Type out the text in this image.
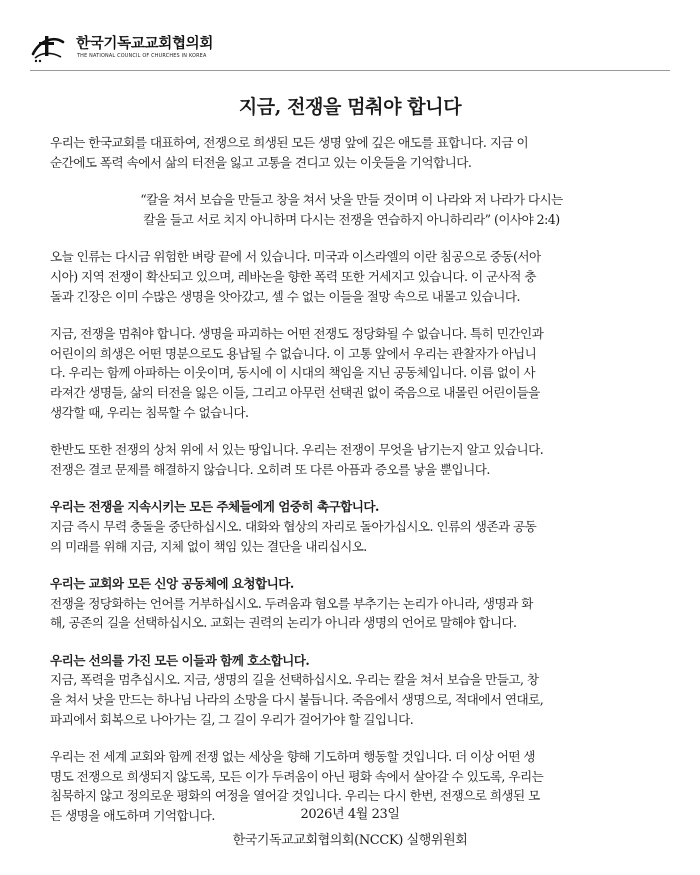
한국기독교교회협의회
THE NATIONAL COUNCIL OF CHURCHES IN KOREA
지금, 전쟁을 멈춰야 합니다

우리는 한국교회를 대표하여, 전쟁으로 희생된 모든 생명 앞에 깊은 애도를 표합니다. 지금 이
순간에도 폭력 속에서 삶의 터전을 잃고 고통을 견디고 있는 이웃들을 기억합니다.

“칼을 쳐서 보습을 만들고 창을 쳐서 낫을 만들 것이며 이 나라와 저 나라가 다시는
칼을 들고 서로 치지 아니하며 다시는 전쟁을 연습하지 아니하리라” (이사야 2:4)

오늘 인류는 다시금 위험한 벼랑 끝에 서 있습니다. 미국과 이스라엘의 이란 침공으로 중동(서아
시아) 지역 전쟁이 확산되고 있으며, 레바논을 향한 폭력 또한 거세지고 있습니다. 이 군사적 충
돌과 긴장은 이미 수많은 생명을 앗아갔고, 셀 수 없는 이들을 절망 속으로 내몰고 있습니다.

지금, 전쟁을 멈춰야 합니다. 생명을 파괴하는 어떤 전쟁도 정당화될 수 없습니다. 특히 민간인과
어린이의 희생은 어떤 명분으로도 용납될 수 없습니다. 이 고통 앞에서 우리는 관찰자가 아닙니
다. 우리는 함께 아파하는 이웃이며, 동시에 이 시대의 책임을 지닌 공동체입니다. 이름 없이 사
라져간 생명들, 삶의 터전을 잃은 이들, 그리고 아무런 선택권 없이 죽음으로 내몰린 어린이들을
생각할 때, 우리는 침묵할 수 없습니다.

한반도 또한 전쟁의 상처 위에 서 있는 땅입니다. 우리는 전쟁이 무엇을 남기는지 알고 있습니다.
전쟁은 결코 문제를 해결하지 않습니다. 오히려 또 다른 아픔과 증오를 낳을 뿐입니다.

우리는 전쟁을 지속시키는 모든 주체들에게 엄중히 촉구합니다.
지금 즉시 무력 충돌을 중단하십시오. 대화와 협상의 자리로 돌아가십시오. 인류의 생존과 공동
의 미래를 위해 지금, 지체 없이 책임 있는 결단을 내리십시오.

우리는 교회와 모든 신앙 공동체에 요청합니다.
전쟁을 정당화하는 언어를 거부하십시오. 두려움과 혐오를 부추기는 논리가 아니라, 생명과 화
해, 공존의 길을 선택하십시오. 교회는 권력의 논리가 아니라 생명의 언어로 말해야 합니다.

우리는 선의를 가진 모든 이들과 함께 호소합니다.
지금, 폭력을 멈추십시오. 지금, 생명의 길을 선택하십시오. 우리는 칼을 쳐서 보습을 만들고, 창
을 쳐서 낫을 만드는 하나님 나라의 소망을 다시 붙듭니다. 죽음에서 생명으로, 적대에서 연대로,
파괴에서 회복으로 나아가는 길, 그 길이 우리가 걸어가야 할 길입니다.

우리는 전 세계 교회와 함께 전쟁 없는 세상을 향해 기도하며 행동할 것입니다. 더 이상 어떤 생
명도 전쟁으로 희생되지 않도록, 모든 이가 두려움이 아닌 평화 속에서 살아갈 수 있도록, 우리는
침묵하지 않고 정의로운 평화의 여정을 열어갈 것입니다. 우리는 다시 한번, 전쟁으로 희생된 모
든 생명을 애도하며 기억합니다.	2026년 4월 23일
한국기독교교회협의회(NCCK) 실행위원회
